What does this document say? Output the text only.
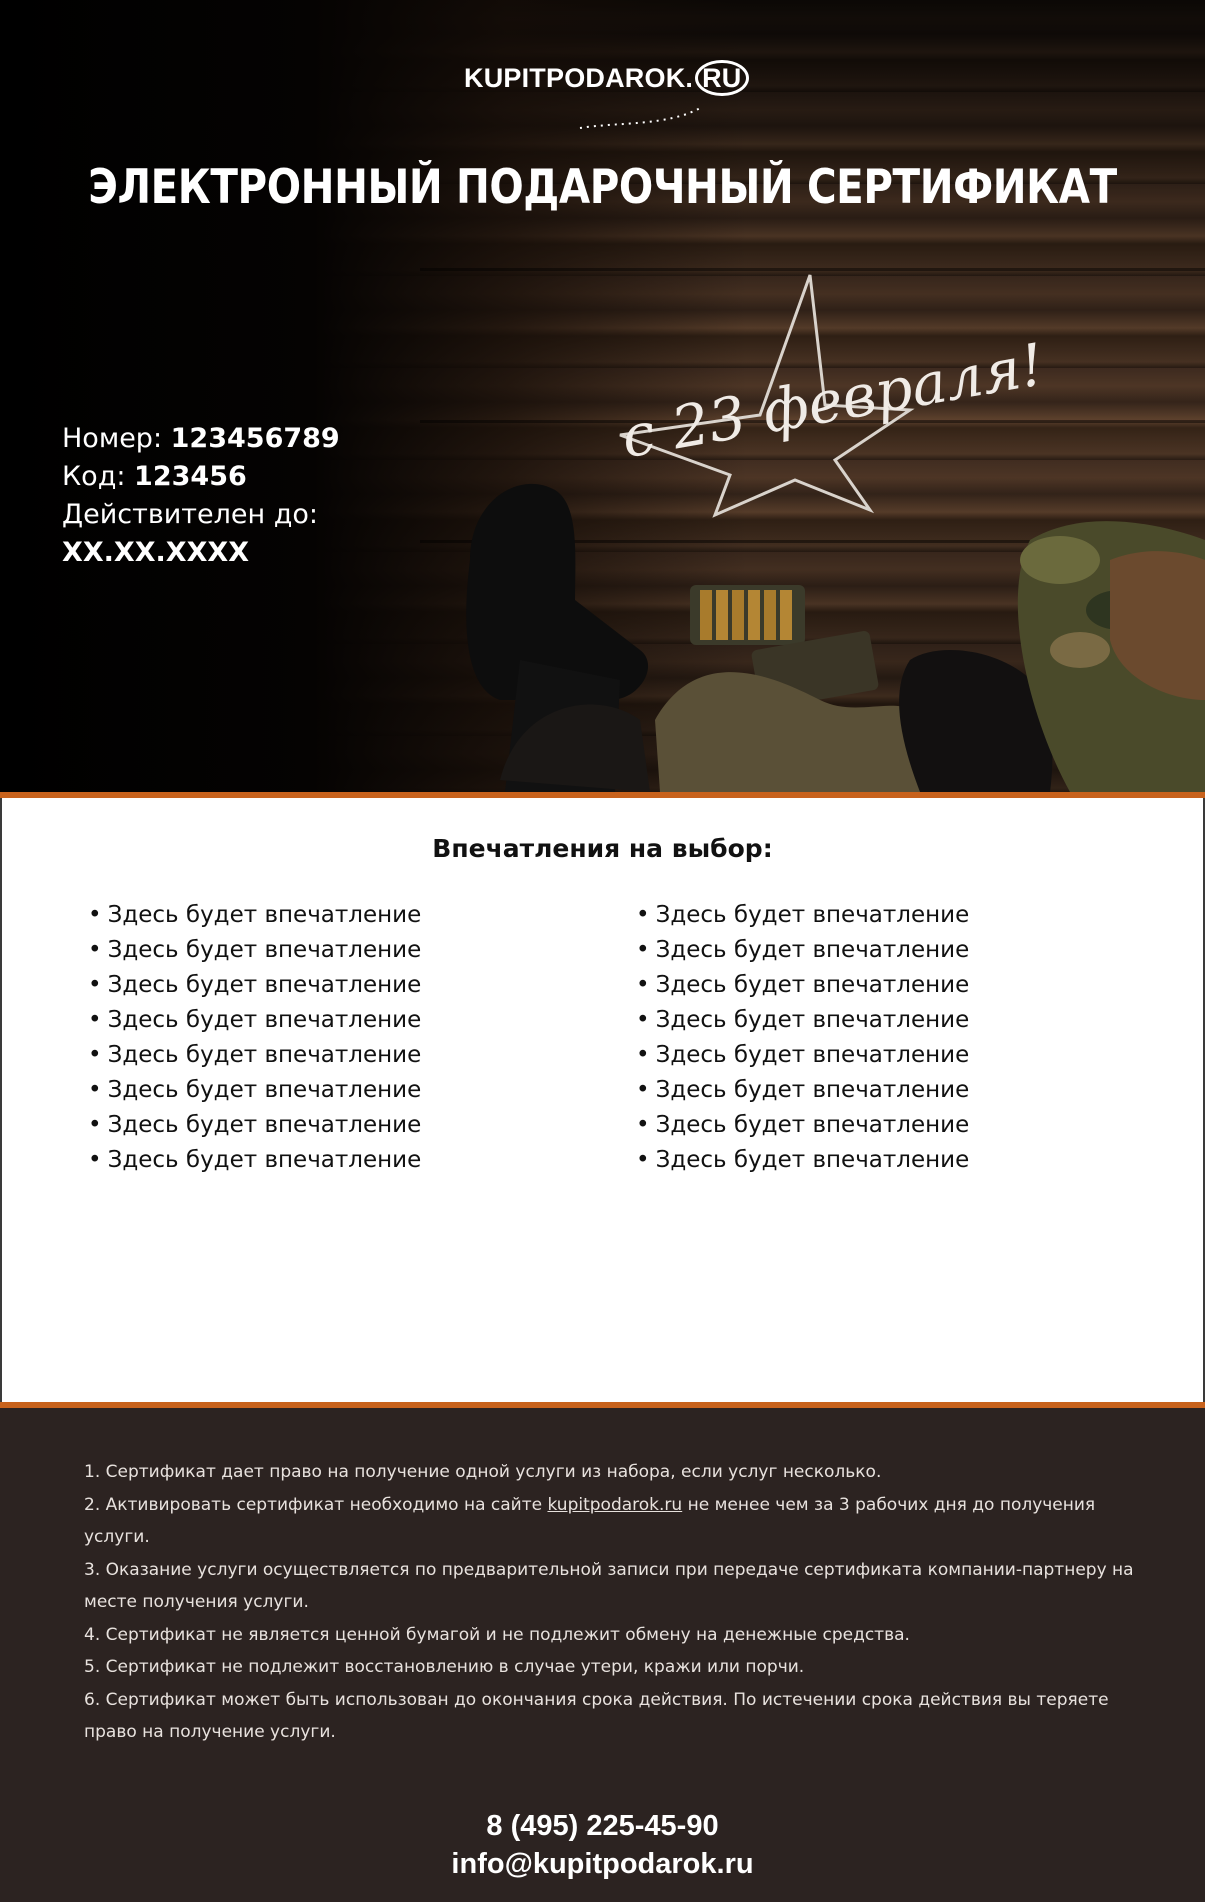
KUPITPODAROK. RU
ЭЛЕКТРОННЫЙ ПОДАРОЧНЫЙ СЕРТИФИКАТ
с 23 февраля!
Номер: 123456789
Код: 123456
Действителен до:
XX.XX.XXXX
Впечатления на выбор:
• Здесь будет впечатление
• Здесь будет впечатление
• Здесь будет впечатление
• Здесь будет впечатление
• Здесь будет впечатление
• Здесь будет впечатление
• Здесь будет впечатление
• Здесь будет впечатление
• Здесь будет впечатление
• Здесь будет впечатление
• Здесь будет впечатление
• Здесь будет впечатление
• Здесь будет впечатление
• Здесь будет впечатление
• Здесь будет впечатление
• Здесь будет впечатление
1. Сертификат дает право на получение одной услуги из набора, если услуг несколько.
2. Активировать сертификат необходимо на сайте kupitpodarok.ru не менее чем за 3 рабочих дня до получения услуги.
3. Оказание услуги осуществляется по предварительной записи при передаче сертификата компании-партнеру на месте получения услуги.
4. Сертификат не является ценной бумагой и не подлежит обмену на денежные средства.
5. Сертификат не подлежит восстановлению в случае утери, кражи или порчи.
6. Сертификат может быть использован до окончания срока действия. По истечении срока действия вы теряете право на получение услуги.
8 (495) 225-45-90
info@kupitpodarok.ru
